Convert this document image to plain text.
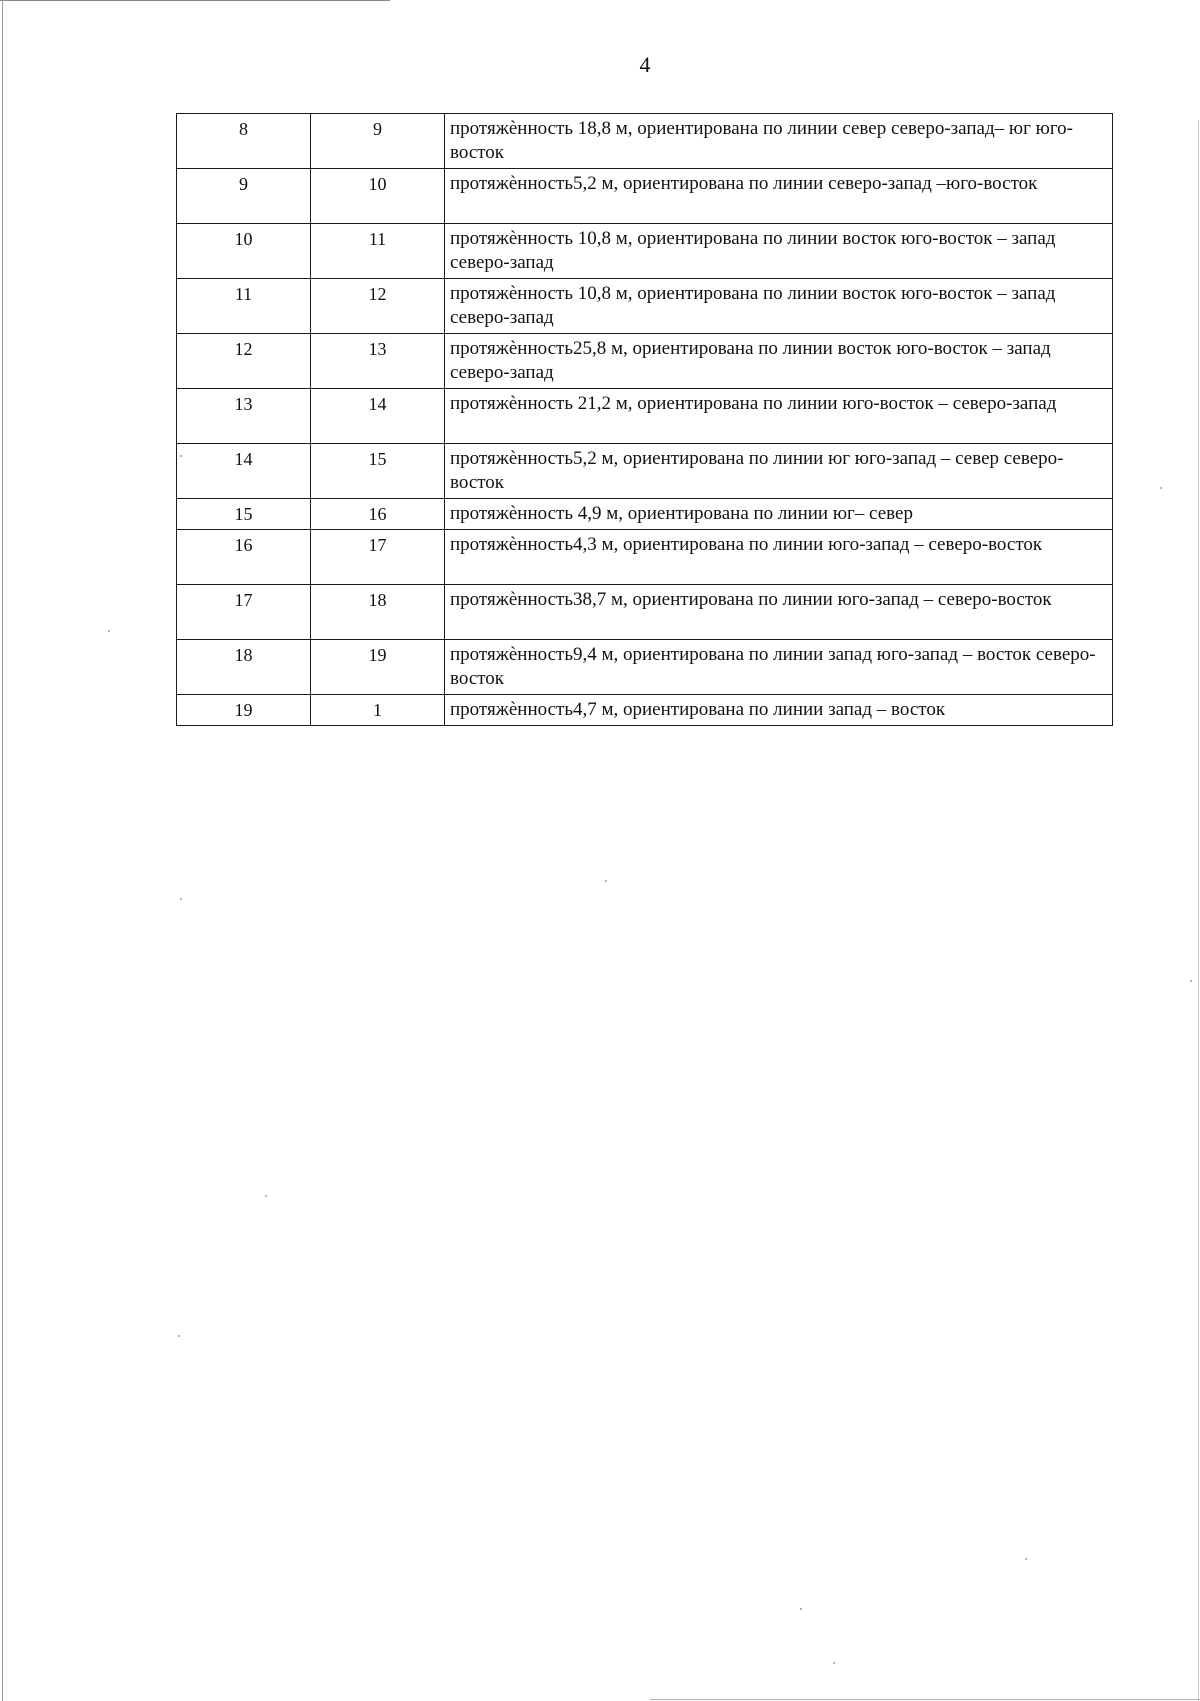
4
8	9	протяжѐнность 18,8 м, ориентирована по линии север северо-запад– юг юго-восток
9	10	протяжѐнность5,2 м, ориентирована по линии северо-запад –юго-восток
10	11	протяжѐнность 10,8 м, ориентирована по линии восток юго-восток – запад северо-запад
11	12	протяжѐнность 10,8 м, ориентирована по линии восток юго-восток – запад северо-запад
12	13	протяжѐнность25,8 м, ориентирована по линии восток юго-восток – запад северо-запад
13	14	протяжѐнность 21,2 м, ориентирована по линии юго-восток – северо-запад
14	15	протяжѐнность5,2 м, ориентирована по линии юг юго-запад – север северо-восток
15	16	протяжѐнность 4,9 м, ориентирована по линии юг– север
16	17	протяжѐнность4,3 м, ориентирована по линии юго-запад – северо-восток
17	18	протяжѐнность38,7 м, ориентирована по линии юго-запад – северо-восток
18	19	протяжѐнность9,4 м, ориентирована по линии запад юго-запад – восток северо-восток
19	1	протяжѐнность4,7 м, ориентирована по линии запад – восток
